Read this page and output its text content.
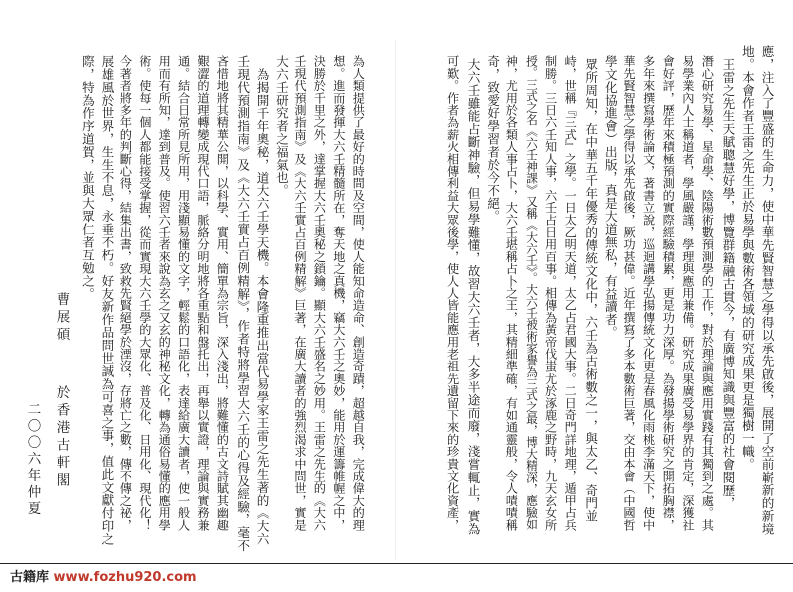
應，注入了豐盛的生命力，使中華先賢智慧之學得以承先啟後，展開了空前嶄新的新境
地。本會作者王雷之先生正於易學與數術各領域的研究成果更是獨樹一幟。
王雷之先生天賦聰慧好學，博覽群籍融古貫今，有廣博知識與豐富的社會閱歷，
潛心研究易學、星命學、陰陽術數預測學的工作，對於理論與應用實踐有其獨到之處。其
易學業內人士稱道者，學風嚴謹，學理與應用兼備。研究成果廣受易學界的肯定，深獲社
會好評，歷年來積極預測的實際經驗積累，更是功力深厚。為發揚學術研究之開拓胸襟，
多年來撰寫學術論文，著書立說，巡迴講學弘揚傳統文化更是春風化雨桃李滿天下，使中
華先賢智慧之學得以承先啟後，厥功甚偉。近年撰寫了多本數術巨著，交由本會（中國哲
學文化協進會）出版，真是大道無私，有益讀者。
眾所周知，在中華五千年優秀的傳統文化中，六壬為古術數之一，與太乙、奇門並
峙，世稱『三式』之學。一日太乙明天道，太乙占君國大事。二日奇門詳地理，遁甲占兵
制勝。三日六壬知人事，六壬占日用百事。相傳為黃帝伐蚩尤於涿鹿之野時，九天玄女所
授。三式之名《六壬神課》又稱《大六壬》。大六壬被術家譽為三式之最，博大精深，應驗如
神，尤用於各類人事占卜，大六壬堪稱占卜之王，其精細準確，有如通靈般，令人嘖嘖稱
奇，致愛好學習者於今不絕。
大六壬雖能占斷神驗，但易學難懂，故習大六壬者，大多半途而廢，淺嘗輒止，實為
可歎。作者為薪火相傳利益大眾後學，使人人皆能應用老祖先遺留下來的珍貴文化資產，
為人類提供了最好的時間及空間，使人能知命造命、創造奇蹟，超越自我，完成偉大的理
想。進而發揮大六壬精髓所在，奪天地之真機，竊大六壬之奧妙，能用於運籌帷幄之中，
決勝於千里之外，達掌握大六壬奧秘之鎖鑰。顯大六壬盛名之妙用。王雷之先生的《大六
壬現代預測指南》及《大六壬實占百例精解》巨著，在廣大讀者的強烈渴求中問世，實是
大六壬研究者之福氣也。
為揭開千年奧秘，道大六壬學天機。本會隆重推出當代易學家王雷之先生著的《大六
壬現代預測指南》及《大六壬實占百例精解》，作者特將學習大六壬的心得及經驗，毫不
吝惜地將其精華公開，以科學、實用、簡單為宗旨，深入淺出，將難懂的古文詩賦其幽趣
艱澀的道理轉變成現代口語，脈絡分明地將各重點和盤托出，再舉以實證，理論與實務兼
通。結合日常所見所用，用淺顯易懂的文字，輕鬆的口語化，表達給廣大讀者，使一般人
用而有所知，達到普及。使習六壬者來說為玄之又玄的神秘文化，轉為通俗易懂的應用學
術。使每一個人都能接受掌握，從而實現大六壬學的大眾化、普及化、日用化、現代化！
今著者將多年的判斷心得，結集出書，致救先賢絕學於湮沒，存將亡之數，傳不傳之祕，
展雄風於世界，生生不息，永垂不朽。好友新作品問世誠為可喜之事，值此文獻付印之
際，特為作序道賀，並與大眾仁者互勉之。
曹展碩
於香港古軒閣
二〇〇六年仲夏
古籍库 www.fozhu920.com
